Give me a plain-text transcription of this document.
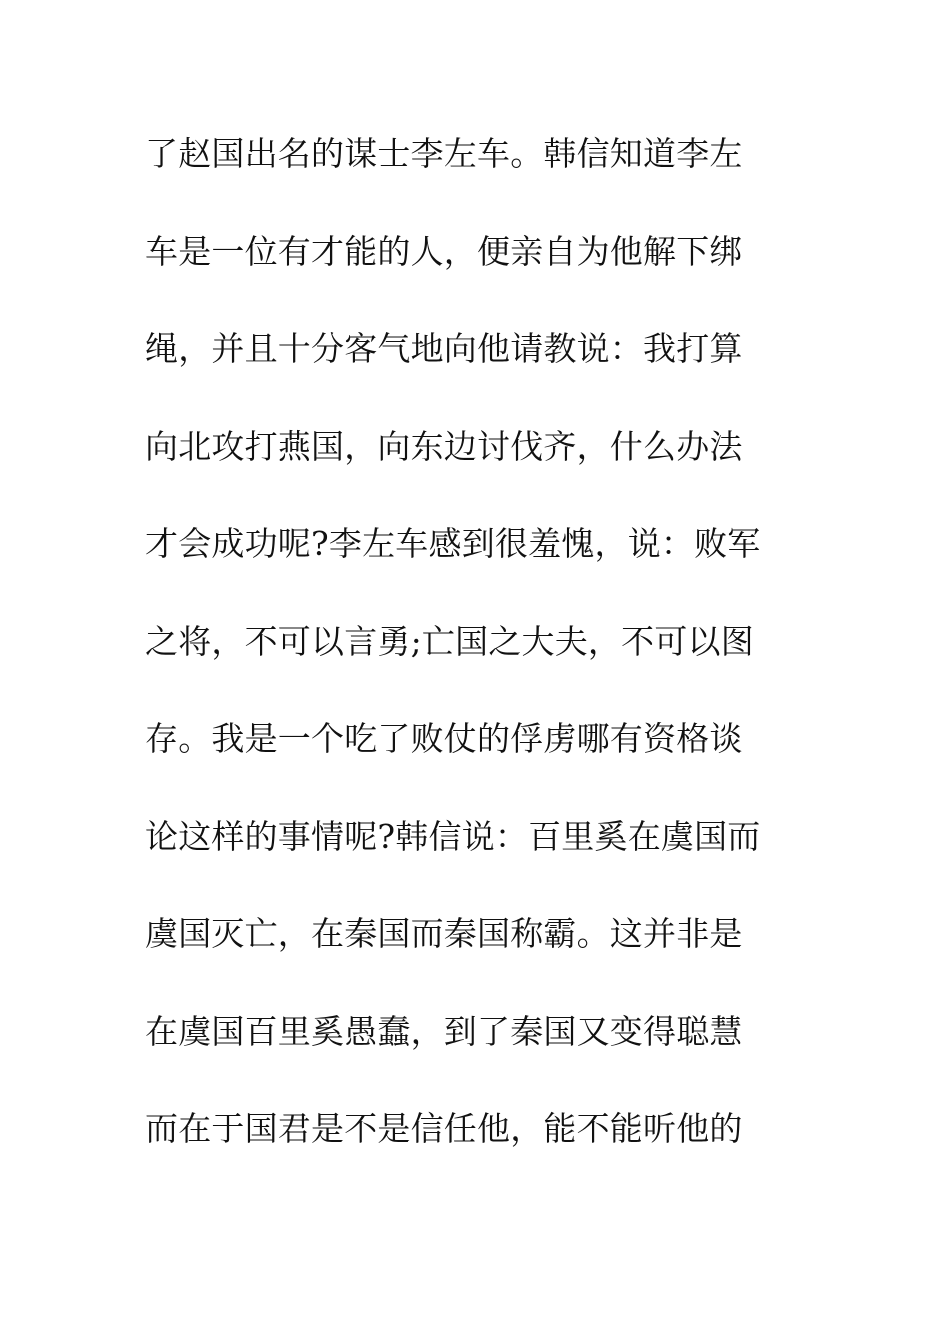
了赵国出名的谋士李左车。韩信知道李左
车是一位有才能的人，便亲自为他解下绑
绳，并且十分客气地向他请教说：我打算
向北攻打燕国，向东边讨伐齐，什么办法
才会成功呢?李左车感到很羞愧，说：败军
之将，不可以言勇;亡国之大夫，不可以图
存。我是一个吃了败仗的俘虏哪有资格谈
论这样的事情呢?韩信说：百里奚在虞国而
虞国灭亡，在秦国而秦国称霸。这并非是
在虞国百里奚愚蠢，到了秦国又变得聪慧
而在于国君是不是信任他，能不能听他的
